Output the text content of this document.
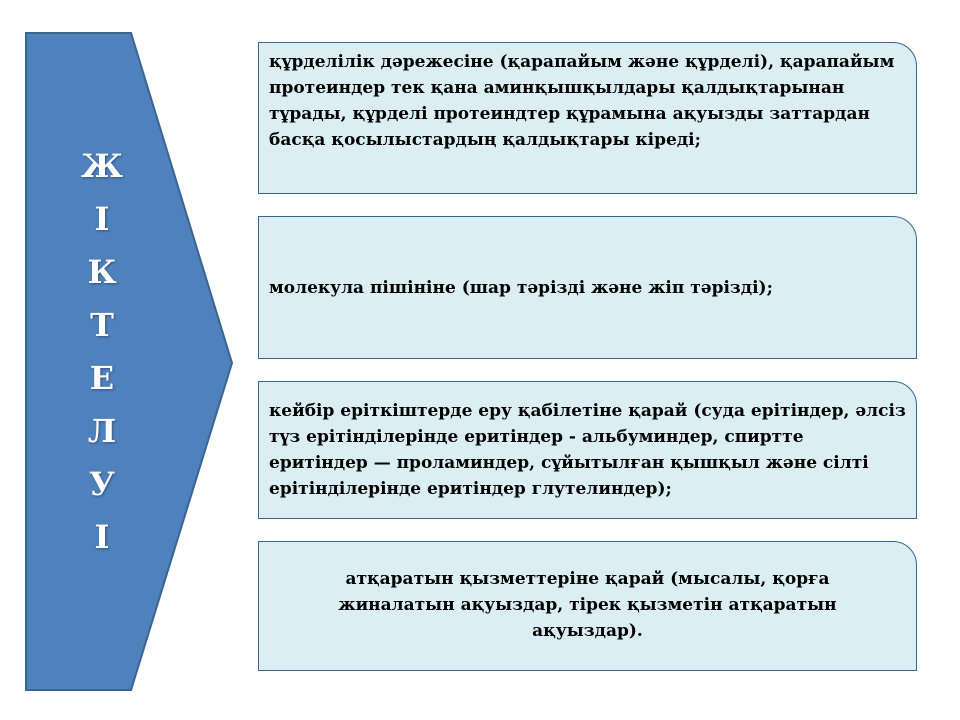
Ж
І
К
Т
Е
Л
У
І

құрделілік дәрежесіне (қарапайым және құрделі), қарапайым протеиндер тек қана аминқышқылдары қалдықтарынан тұрады, құрделі протеиндтер құрамына ақуызды заттардан басқа қосылыстардың қалдықтары кіреді;

молекула пішініне (шар тәрізді және жіп тәрізді);

кейбір еріткіштерде еру қабілетіне қарай (суда ерітіндер, әлсіз түз ерітінділерінде еритіндер - альбуминдер, спиртте еритіндер — проламиндер, сұйытылған қышқыл және сілті ерітінділерінде еритіндер глутелиндер);

атқаратын қызметтеріне қарай (мысалы, қорға жиналатын ақуыздар, тірек қызметін атқаратын ақуыздар).
